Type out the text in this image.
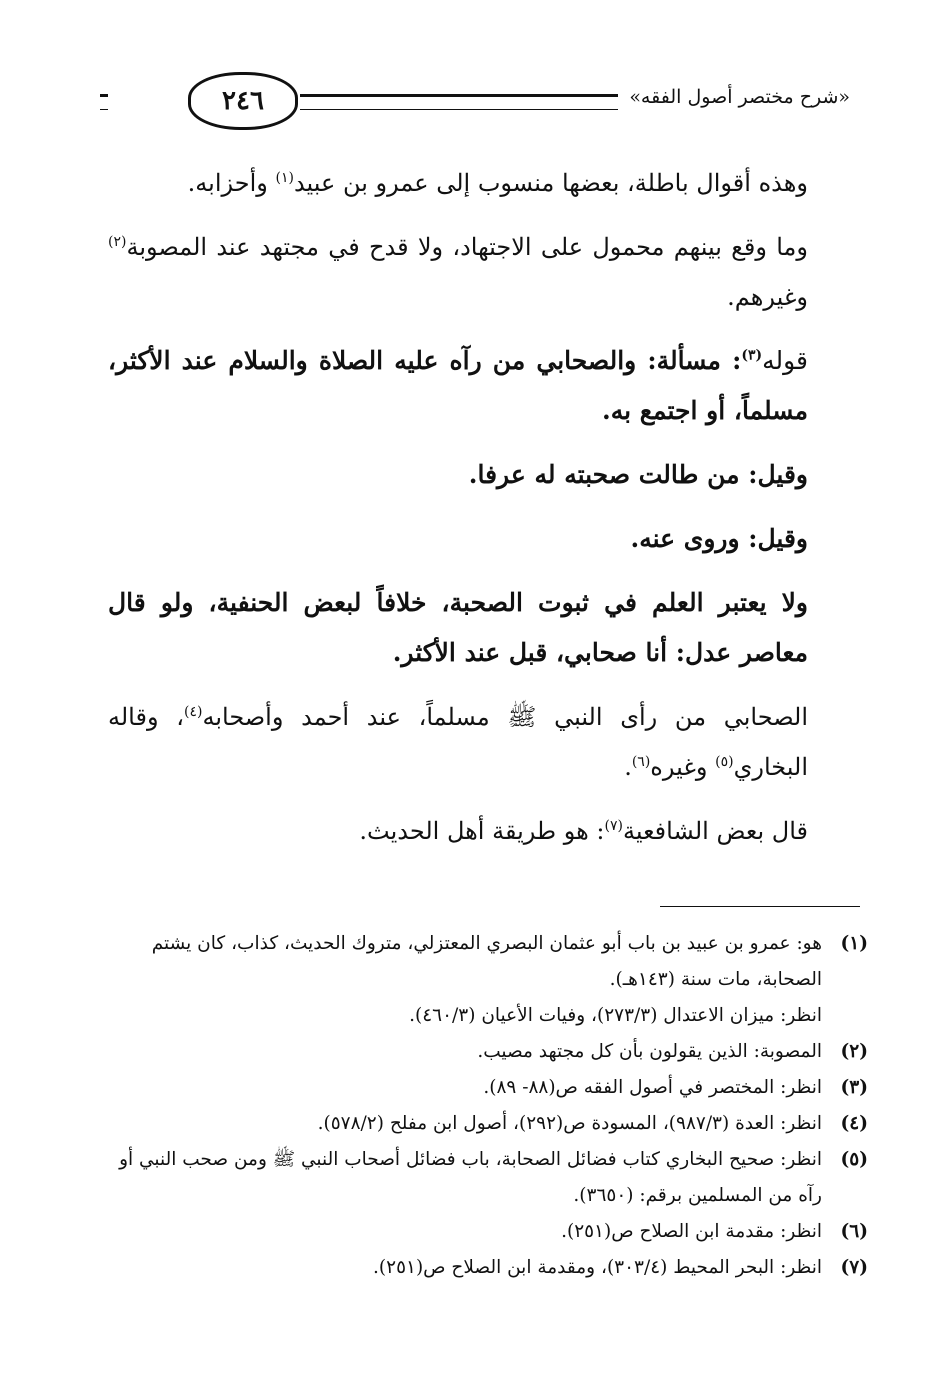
٢٤٦	«شرح مختصر أصول الفقه»

وهذه أقوال باطلة، بعضها منسوب إلى عمرو بن عبيد$^{(١)}$ وأحزابه.

وما وقع بينهم محمول على الاجتهاد، ولا قدح في مجتهد عند المصوبة$^{(٢)}$ وغيرهم.

قوله$^{(٣)}$: مسألة: والصحابي من رآه عليه الصلاة والسلام عند الأكثر، مسلماً، أو اجتمع به.

وقيل: من طالت صحبته له عرفا.

وقيل: وروى عنه.

ولا يعتبر العلم في ثبوت الصحبة، خلافاً لبعض الحنفية، ولو قال معاصر عدل: أنا صحابي، قبل عند الأكثر.

الصحابي من رأى النبي ﷺ مسلماً، عند أحمد وأصحابه$^{(٤)}$، وقاله البخاري$^{(٥)}$ وغيره$^{(٦)}$.

قال بعض الشافعية$^{(٧)}$: هو طريقة أهل الحديث.

(١)هو: عمرو بن عبيد بن باب أبو عثمان البصري المعتزلي، متروك الحديث، كذاب، كان يشتم الصحابة، مات سنة (١٤٣هـ).

انظر: ميزان الاعتدال (٢٧٣/٣)، وفيات الأعيان (٤٦٠/٣).

(٢)المصوبة: الذين يقولون بأن كل مجتهد مصيب.

(٣)انظر: المختصر في أصول الفقه ص(٨٨- ٨٩).

(٤)انظر: العدة (٩٨٧/٣)، المسودة ص(٢٩٢)، أصول ابن مفلح (٥٧٨/٢).

(٥)انظر: صحيح البخاري كتاب فضائل الصحابة، باب فضائل أصحاب النبي ﷺ ومن صحب النبي أو رآه من المسلمين برقم: (٣٦٥٠).

(٦)انظر: مقدمة ابن الصلاح ص(٢٥١).

(٧)انظر: البحر المحيط (٣٠٣/٤)، ومقدمة ابن الصلاح ص(٢٥١).
